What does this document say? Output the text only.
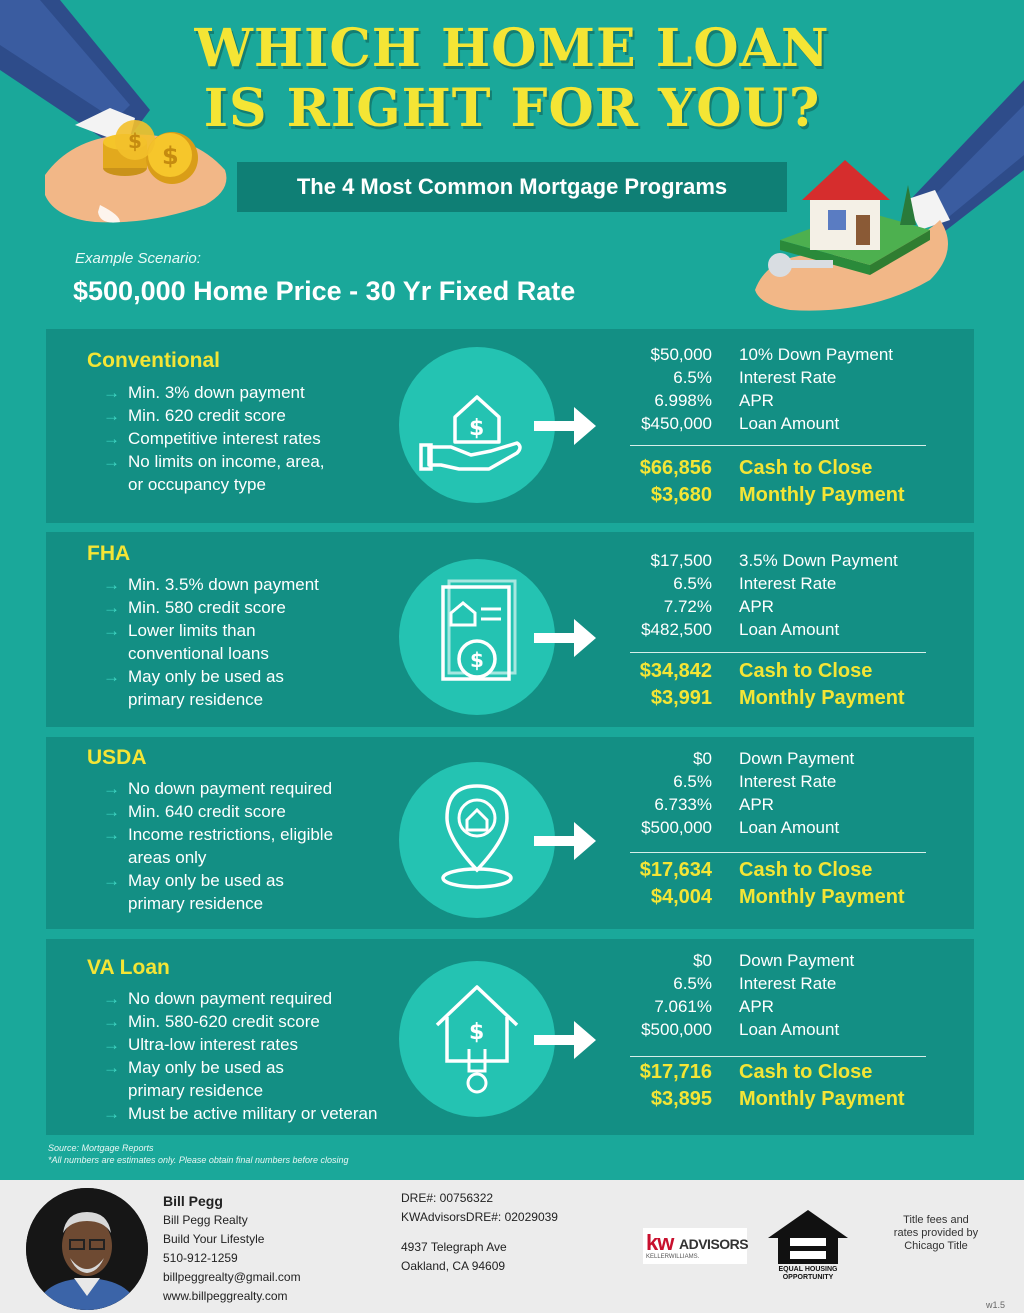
$
$
WHICH HOME LOAN
IS RIGHT FOR YOU?
The 4 Most Common Mortgage Programs
Example Scenario:
$500,000 Home Price - 30 Yr Fixed Rate
Conventional
→ Min. 3% down payment
→ Min. 620 credit score
→ Competitive interest rates
→ No limits on income, area,
or occupancy type
$
$50,000 10% Down Payment
6.5% Interest Rate
6.998% APR
$450,000 Loan Amount
$66,856 Cash to Close
$3,680 Monthly Payment
FHA
→ Min. 3.5% down payment
→ Min. 580 credit score
→ Lower limits than
conventional loans
→ May only be used as
primary residence
$
$17,500 3.5% Down Payment
6.5% Interest Rate
7.72% APR
$482,500 Loan Amount
$34,842 Cash to Close
$3,991 Monthly Payment
USDA
→ No down payment required
→ Min. 640 credit score
→ Income restrictions, eligible
areas only
→ May only be used as
primary residence
$0 Down Payment
6.5% Interest Rate
6.733% APR
$500,000 Loan Amount
$17,634 Cash to Close
$4,004 Monthly Payment
VA Loan
→ No down payment required
→ Min. 580-620 credit score
→ Ultra-low interest rates
→ May only be used as
primary residence
→ Must be active military or veteran
$
$0 Down Payment
6.5% Interest Rate
7.061% APR
$500,000 Loan Amount
$17,716 Cash to Close
$3,895 Monthly Payment
Source: Mortgage Reports
*All numbers are estimates only. Please obtain final numbers before closing
Bill Pegg
Bill Pegg Realty
Build Your Lifestyle
510-912-1259
billpeggrealty@gmail.com
www.billpeggrealty.com
DRE#: 00756322
KWAdvisorsDRE#: 02029039
4937 Telegraph Ave
Oakland, CA 94609
kw ADVISORS
KELLERWILLIAMS.
EQUAL HOUSING
OPPORTUNITY
Title fees and
rates provided by
Chicago Title
w1.5
